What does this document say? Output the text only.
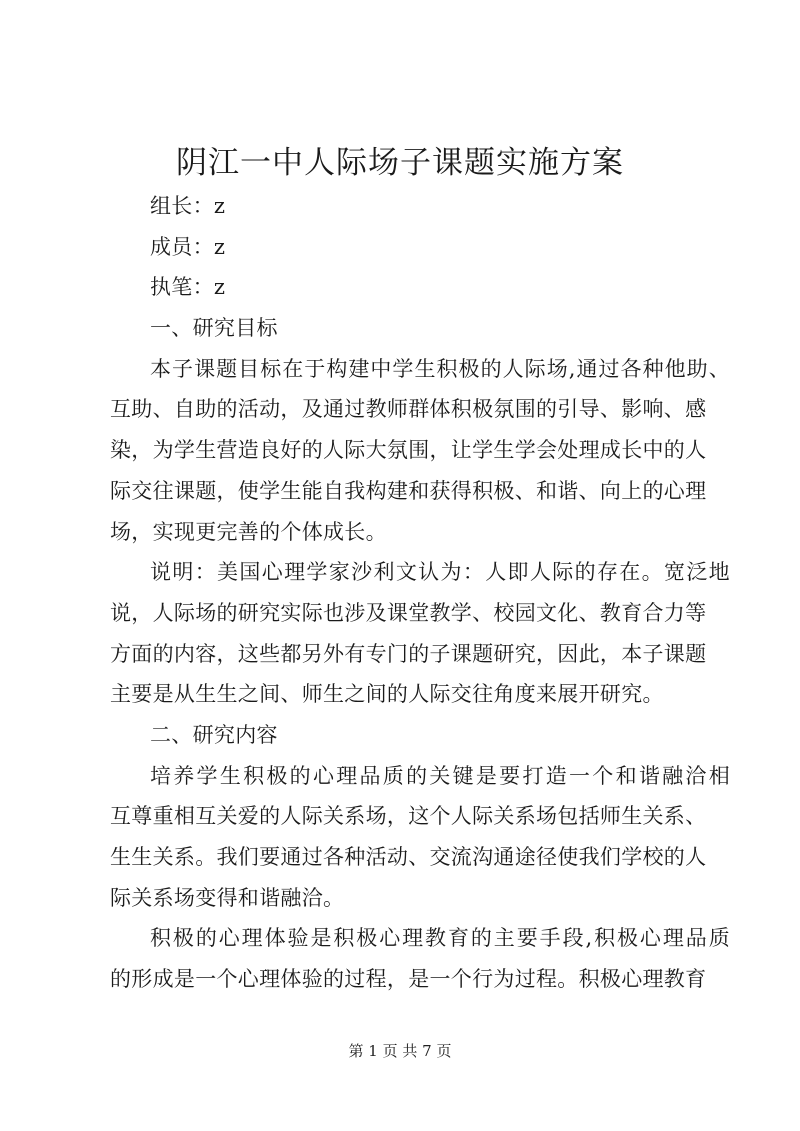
阴江一中人际场子课题实施方案
组长：z
成员：z
执笔：z
一、研究目标
本子课题目标在于构建中学生积极的人际场,通过各种他助、
互助、自助的活动，及通过教师群体积极氛围的引导、影响、感
染，为学生营造良好的人际大氛围，让学生学会处理成长中的人
际交往课题，使学生能自我构建和获得积极、和谐、向上的心理
场，实现更完善的个体成长。
说明：美国心理学家沙利文认为：人即人际的存在。宽泛地
说，人际场的研究实际也涉及课堂教学、校园文化、教育合力等
方面的内容，这些都另外有专门的子课题研究，因此，本子课题
主要是从生生之间、师生之间的人际交往角度来展开研究。
二、研究内容
培养学生积极的心理品质的关键是要打造一个和谐融洽相
互尊重相互关爱的人际关系场，这个人际关系场包括师生关系、
生生关系。我们要通过各种活动、交流沟通途径使我们学校的人
际关系场变得和谐融洽。
积极的心理体验是积极心理教育的主要手段,积极心理品质
的形成是一个心理体验的过程，是一个行为过程。积极心理教育
第 1 页 共 7 页
